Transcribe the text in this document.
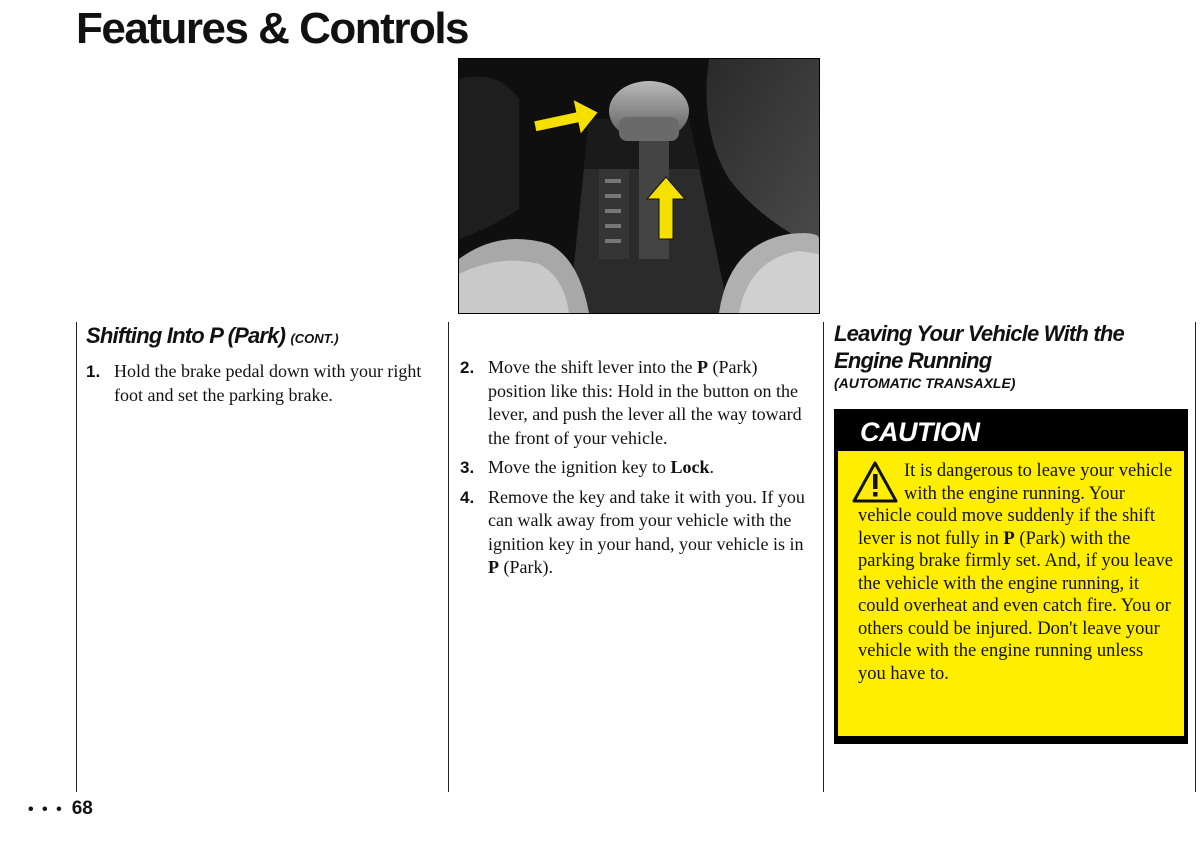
Features & Controls
Shifting Into P (Park) (CONT.)
1. Hold the brake pedal down with your right foot and set the parking brake.
2. Move the shift lever into the P (Park) position like this: Hold in the button on the lever, and push the lever all the way toward the front of your vehicle.
3. Move the ignition key to Lock.
4. Remove the key and take it with you. If you can walk away from your vehicle with the ignition key in your hand, your vehicle is in P (Park).
Leaving Your Vehicle With the Engine Running
(AUTOMATIC TRANSAXLE)
CAUTION
It is dangerous to leave your vehicle with the engine running. Your vehicle could move suddenly if the shift lever is not fully in P (Park) with the parking brake firmly set. And, if you leave the vehicle with the engine running, it could overheat and even catch fire. You or others could be injured. Don't leave your vehicle with the engine running unless you have to.
• • • 68
